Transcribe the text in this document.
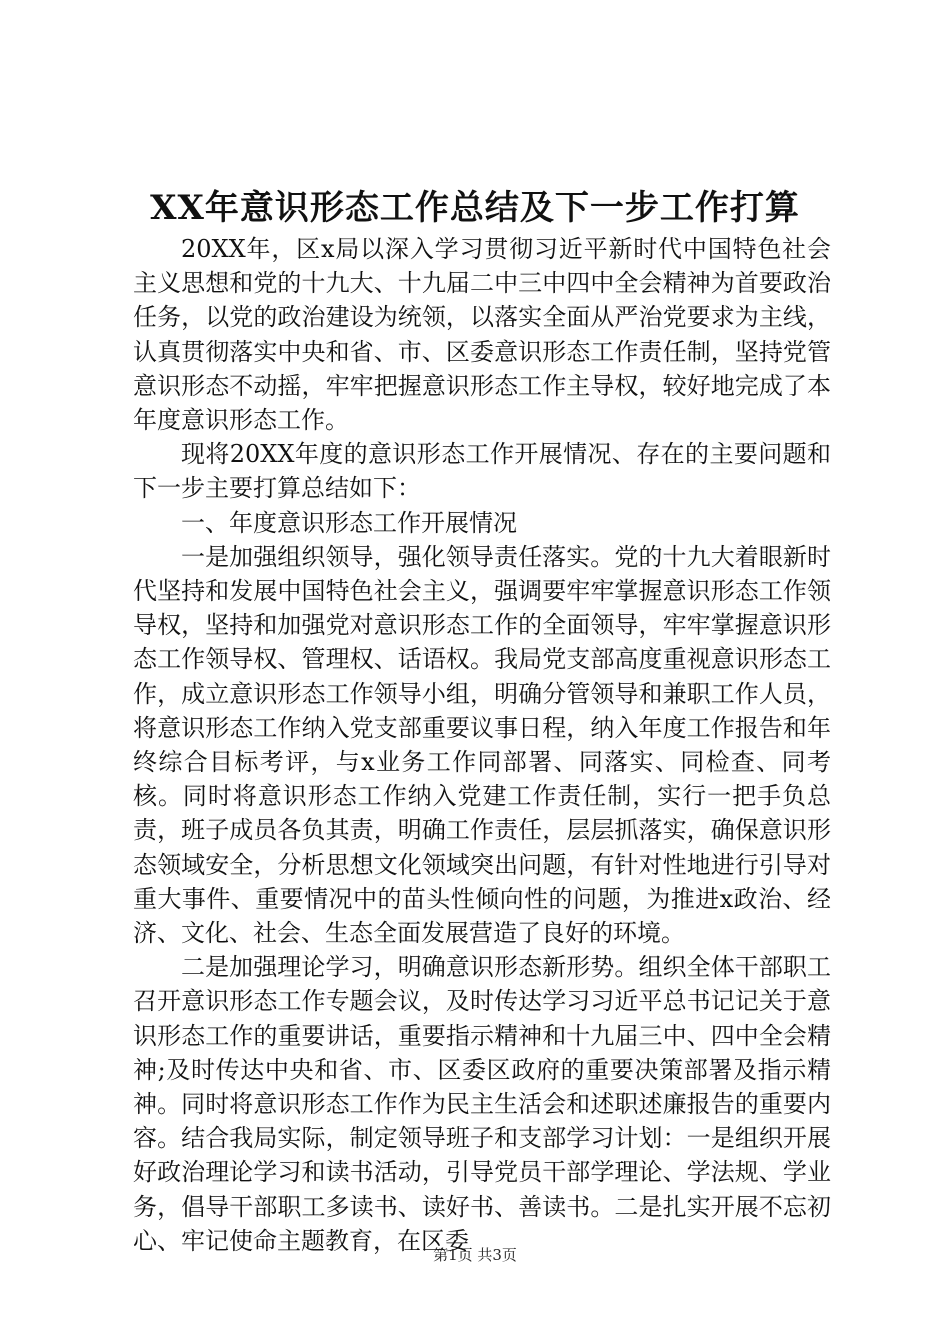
XX年意识形态工作总结及下一步工作打算

20XX年，区x局以深入学习贯彻习近平新时代中国特色社会主义思想和党的十九大、十九届二中三中四中全会精神为首要政治任务，以党的政治建设为统领，以落实全面从严治党要求为主线，认真贯彻落实中央和省、市、区委意识形态工作责任制，坚持党管意识形态不动摇，牢牢把握意识形态工作主导权，较好地完成了本年度意识形态工作。

现将20XX年度的意识形态工作开展情况、存在的主要问题和下一步主要打算总结如下：

一、年度意识形态工作开展情况

一是加强组织领导，强化领导责任落实。党的十九大着眼新时代坚持和发展中国特色社会主义，强调要牢牢掌握意识形态工作领导权，坚持和加强党对意识形态工作的全面领导，牢牢掌握意识形态工作领导权、管理权、话语权。我局党支部高度重视意识形态工作，成立意识形态工作领导小组，明确分管领导和兼职工作人员，将意识形态工作纳入党支部重要议事日程，纳入年度工作报告和年终综合目标考评，与x业务工作同部署、同落实、同检查、同考核。同时将意识形态工作纳入党建工作责任制，实行一把手负总责，班子成员各负其责，明确工作责任，层层抓落实，确保意识形态领域安全，分析思想文化领域突出问题，有针对性地进行引导对重大事件、重要情况中的苗头性倾向性的问题，为推进x政治、经济、文化、社会、生态全面发展营造了良好的环境。

二是加强理论学习，明确意识形态新形势。组织全体干部职工召开意识形态工作专题会议，及时传达学习习近平总书记记关于意识形态工作的重要讲话，重要指示精神和十九届三中、四中全会精神;及时传达中央和省、市、区委区政府的重要决策部署及指示精神。同时将意识形态工作作为民主生活会和述职述廉报告的重要内容。结合我局实际，制定领导班子和支部学习计划：一是组织开展好政治理论学习和读书活动，引导党员干部学理论、学法规、学业务，倡导干部职工多读书、读好书、善读书。二是扎实开展不忘初心、牢记使命主题教育，在区委

第1页 共3页
